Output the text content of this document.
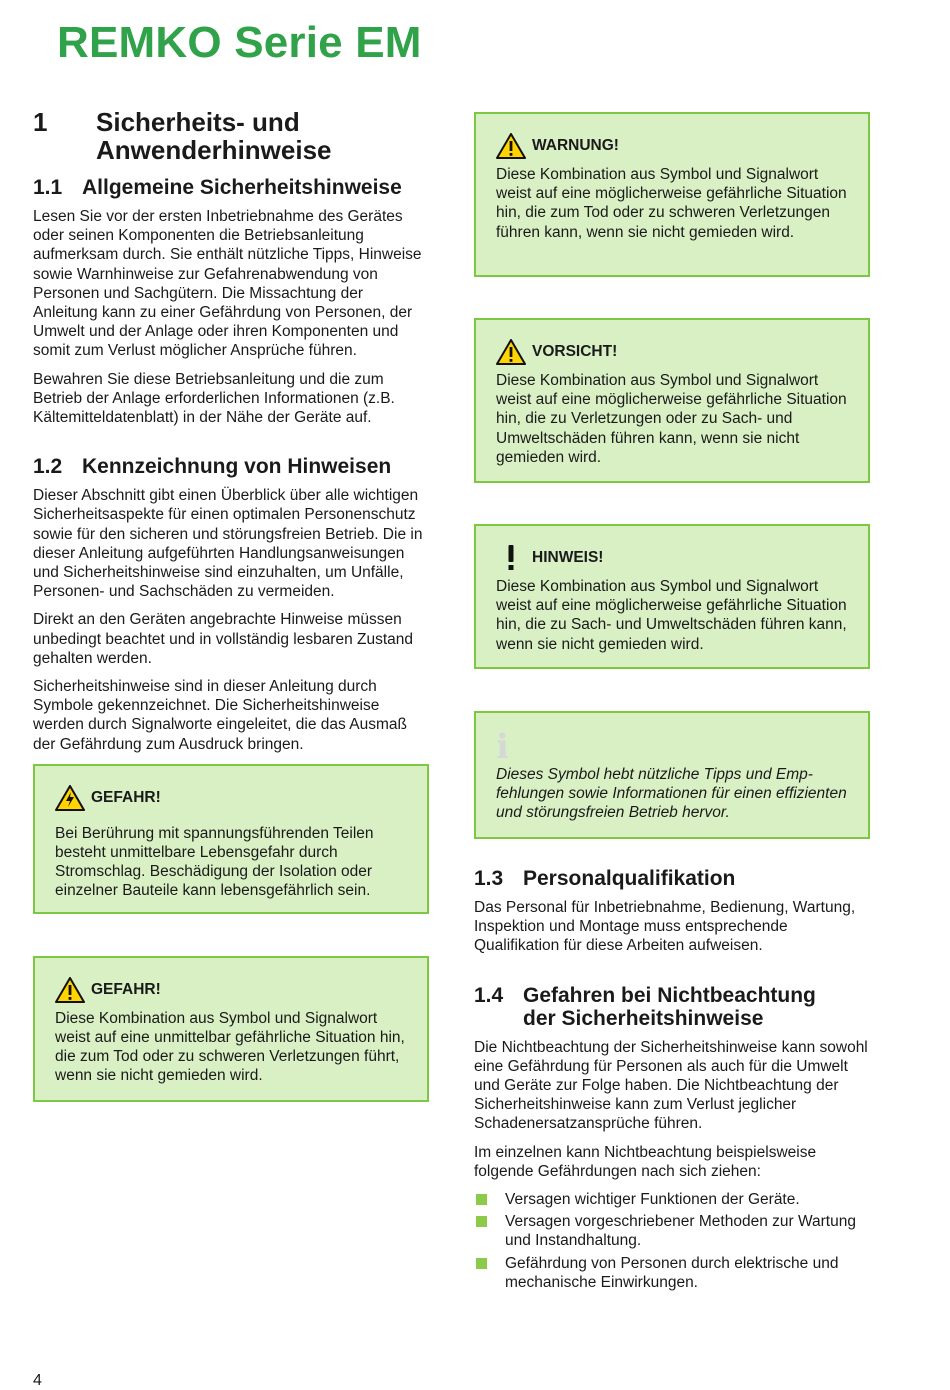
REMKO Serie EM
1	Sicherheits- und
Anwenderhinweise
1.1 Allgemeine Sicherheitshinweise

Lesen Sie vor der ersten Inbetriebnahme des Gerätes oder seinen Komponenten die Betriebsanleitung aufmerksam durch. Sie enthält nützliche Tipps, Hinweise sowie Warnhinweise zur Gefahrenabwendung von Personen und Sachgütern. Die Missachtung der Anleitung kann zu einer Gefährdung von Personen, der Umwelt und der Anlage oder ihren Komponenten und somit zum Verlust möglicher Ansprüche führen.

Bewahren Sie diese Betriebsanleitung und die zum Betrieb der Anlage erforderlichen Informationen (z.B. Kältemitteldatenblatt) in der Nähe der Geräte auf.

1.2 Kennzeichnung von Hinweisen

Dieser Abschnitt gibt einen Überblick über alle wichtigen Sicherheitsaspekte für einen optimalen Personenschutz sowie für den sicheren und störungsfreien Betrieb. Die in dieser Anleitung aufgeführten Handlungsanweisungen und Sicherheitshinweise sind einzuhalten, um Unfälle, Personen- und Sachschäden zu vermeiden.

Direkt an den Geräten angebrachte Hinweise müssen unbedingt beachtet und in vollständig lesbaren Zustand gehalten werden.

Sicherheitshinweise sind in dieser Anleitung durch Symbole gekennzeichnet. Die Sicherheitshinweise werden durch Signalworte eingeleitet, die das Ausmaß der Gefährdung zum Ausdruck bringen.

GEFAHR!

Bei Berührung mit spannungsführenden Teilen besteht unmittelbare Lebensgefahr durch Stromschlag. Beschädigung der Isolation oder einzelner Bauteile kann lebensgefährlich sein.

GEFAHR!

Diese Kombination aus Symbol und Signalwort weist auf eine unmittelbar gefährliche Situation hin, die zum Tod oder zu schweren Verletzungen führt, wenn sie nicht gemieden wird.

WARNUNG!

Diese Kombination aus Symbol und Signalwort weist auf eine möglicherweise gefährliche Situation hin, die zum Tod oder zu schweren Verletzungen führen kann, wenn sie nicht gemieden wird.

VORSICHT!

Diese Kombination aus Symbol und Signalwort weist auf eine möglicherweise gefährliche Situation hin, die zu Verletzungen oder zu Sach- und Umweltschäden führen kann, wenn sie nicht gemieden wird.

HINWEIS!

Diese Kombination aus Symbol und Signalwort weist auf eine möglicherweise gefährliche Situation hin, die zu Sach- und Umweltschäden führen kann, wenn sie nicht gemieden wird.

i

Dieses Symbol hebt nützliche Tipps und Empfehlungen sowie Informationen für einen effizienten und störungsfreien Betrieb hervor.

1.3 Personalqualifikation

Das Personal für Inbetriebnahme, Bedienung, Wartung, Inspektion und Montage muss entsprechende Qualifikation für diese Arbeiten aufweisen.

1.4 Gefahren bei Nichtbeachtung
der Sicherheitshinweise

Die Nichtbeachtung der Sicherheitshinweise kann sowohl eine Gefährdung für Personen als auch für die Umwelt und Geräte zur Folge haben. Die Nichtbeachtung der Sicherheitshinweise kann zum Verlust jeglicher Schadenersatzansprüche führen.

Im einzelnen kann Nichtbeachtung beispielsweise folgende Gefährdungen nach sich ziehen:

Versagen wichtiger Funktionen der Geräte.
Versagen vorgeschriebener Methoden zur Wartung und Instandhaltung.
Gefährdung von Personen durch elektrische und mechanische Einwirkungen.
4
